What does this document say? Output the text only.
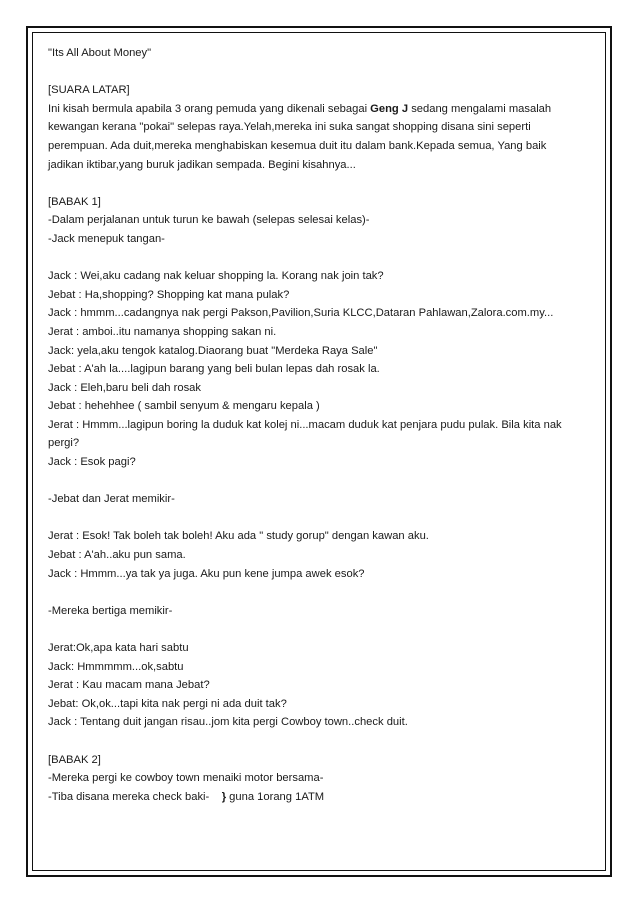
"Its All About Money"
[SUARA LATAR]
Ini kisah bermula apabila 3 orang pemuda yang dikenali sebagai Geng J sedang mengalami masalah
kewangan kerana "pokai" selepas raya.Yelah,mereka ini suka sangat shopping disana sini seperti
perempuan. Ada duit,mereka menghabiskan kesemua duit itu dalam bank.Kepada semua, Yang baik
jadikan iktibar,yang buruk jadikan sempada. Begini kisahnya...
[BABAK 1]
-Dalam perjalanan untuk turun ke bawah (selepas selesai kelas)-
-Jack menepuk tangan-
Jack : Wei,aku cadang nak keluar shopping la. Korang nak join tak?
Jebat : Ha,shopping? Shopping kat mana pulak?
Jack : hmmm...cadangnya nak pergi Pakson,Pavilion,Suria KLCC,Dataran Pahlawan,Zalora.com.my...
Jerat : amboi..itu namanya shopping sakan ni.
Jack: yela,aku tengok katalog.Diaorang buat "Merdeka Raya Sale"
Jebat : A'ah la....lagipun barang yang beli bulan lepas dah rosak la.
Jack : Eleh,baru beli dah rosak
Jebat : hehehhee ( sambil senyum & mengaru kepala )
Jerat : Hmmm...lagipun boring la duduk kat kolej ni...macam duduk kat penjara pudu pulak. Bila kita nak
pergi?
Jack : Esok pagi?
-Jebat dan Jerat memikir-
Jerat : Esok! Tak boleh tak boleh! Aku ada " study gorup" dengan kawan aku.
Jebat : A'ah..aku pun sama.
Jack : Hmmm...ya tak ya juga. Aku pun kene jumpa awek esok?
-Mereka bertiga memikir-
Jerat:Ok,apa kata hari sabtu
Jack: Hmmmmm...ok,sabtu
Jerat : Kau macam mana Jebat?
Jebat: Ok,ok...tapi kita nak pergi ni ada duit tak?
Jack : Tentang duit jangan risau..jom kita pergi Cowboy town..check duit.
[BABAK 2]
-Mereka pergi ke cowboy town menaiki motor bersama-
-Tiba disana mereka check baki-    } guna 1orang 1ATM
